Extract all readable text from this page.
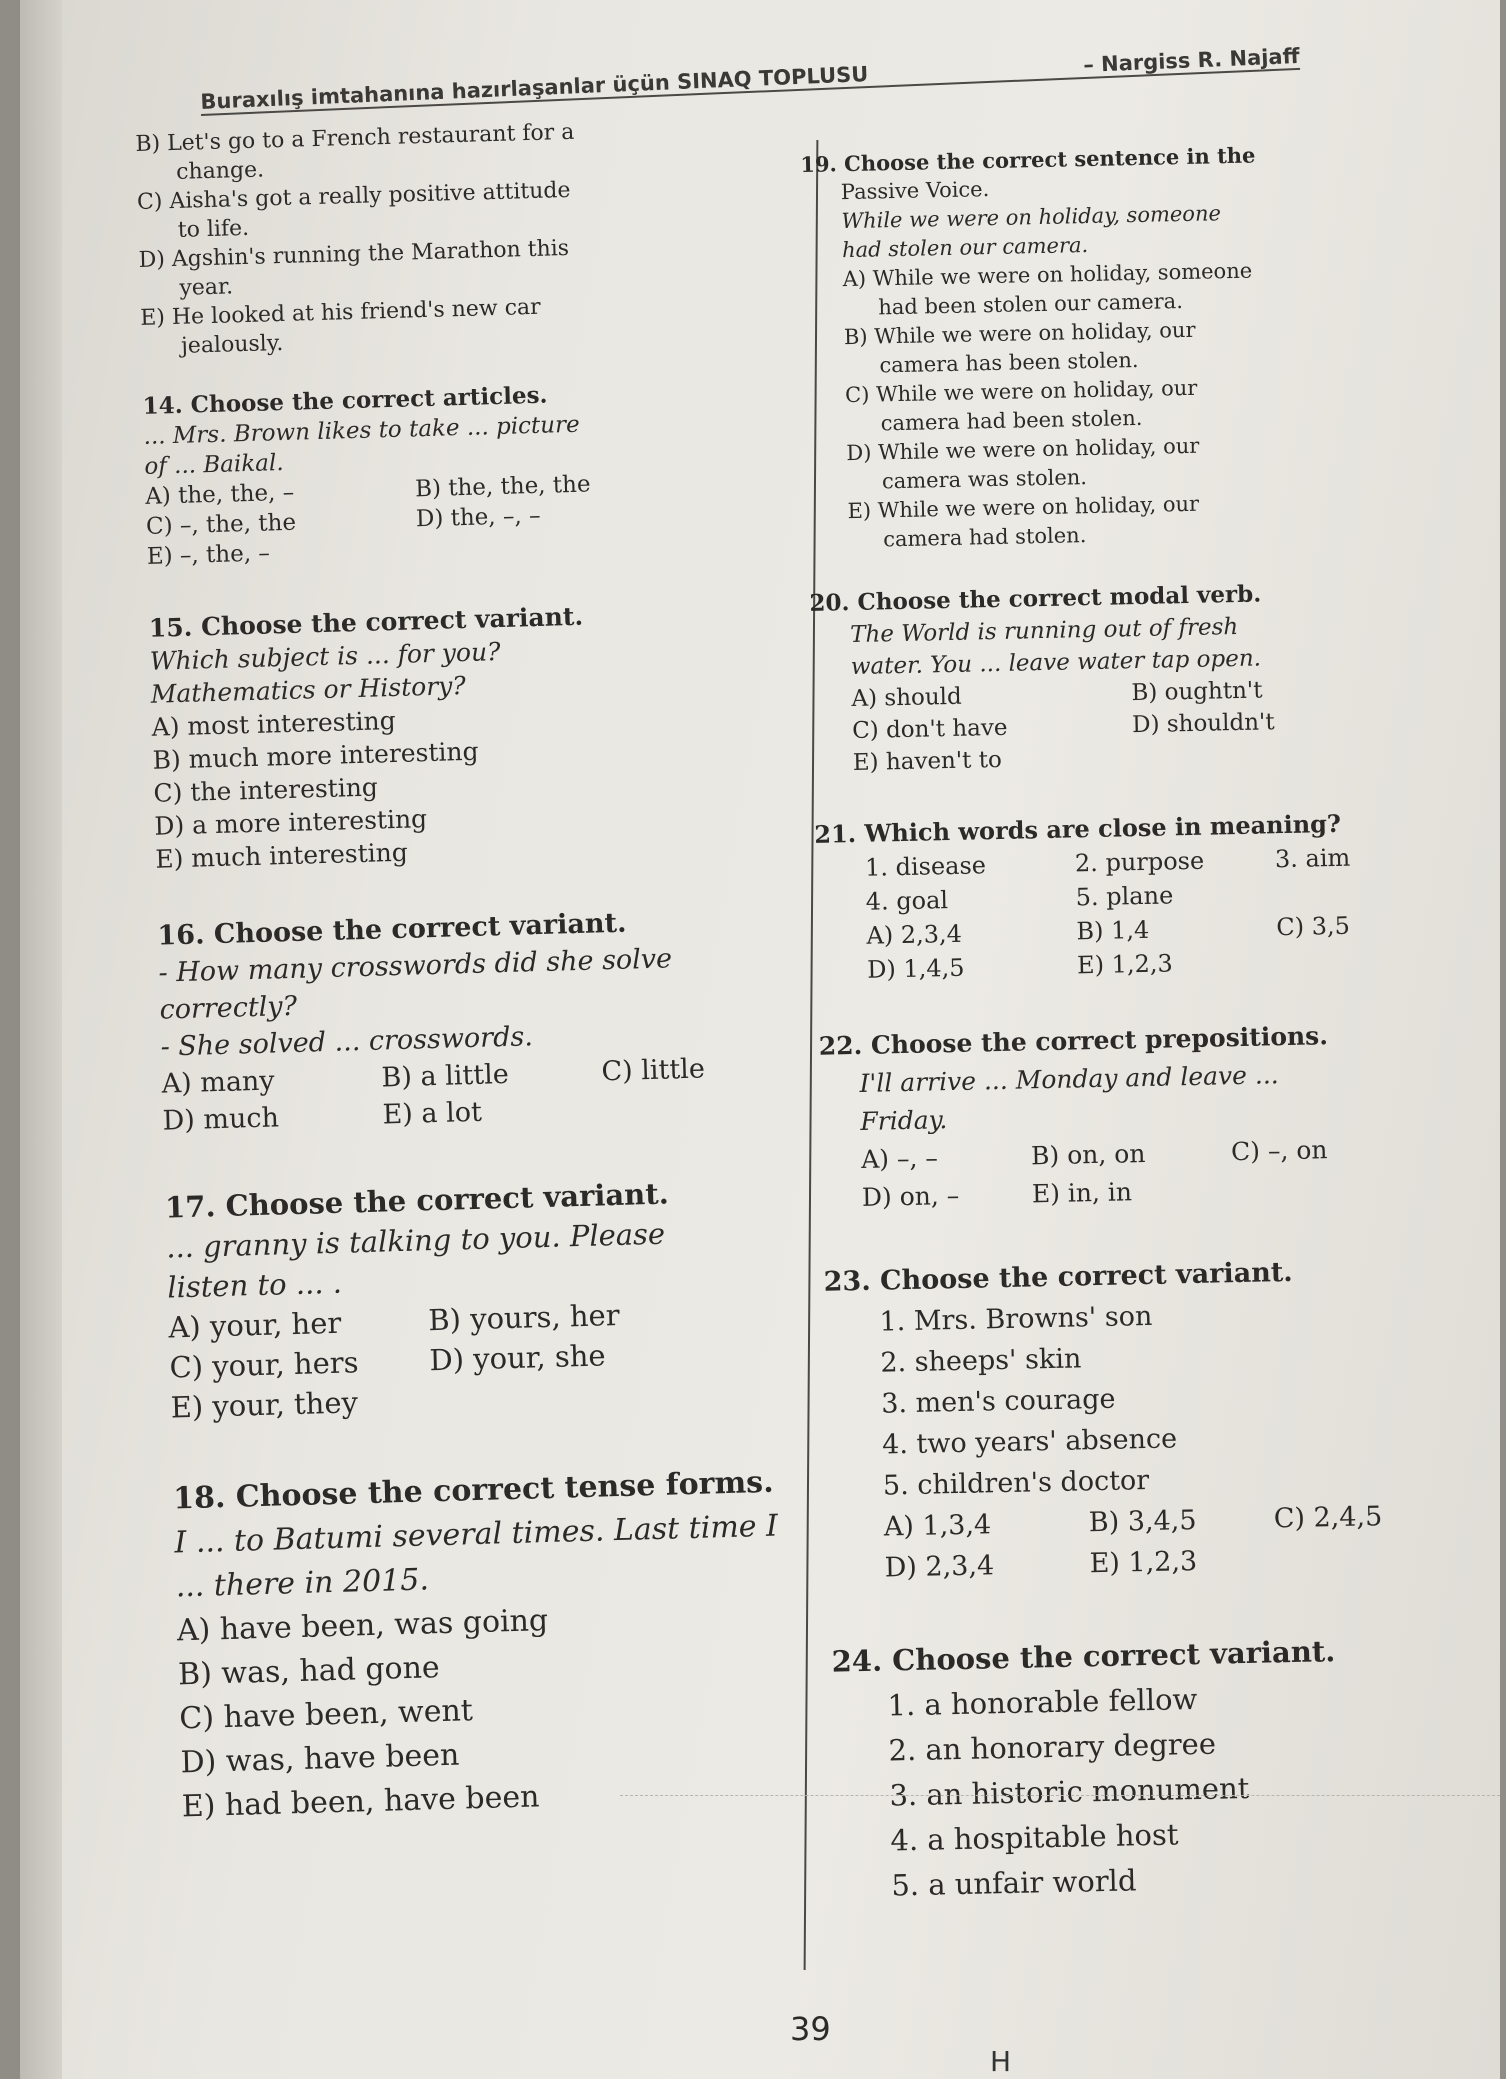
Buraxılış imtahanına hazırlaşanlar üçün SINAQ TOPLUSU
– Nargiss R. Najaff
B) Let's go to a French restaurant for a
change.
C) Aisha's got a really positive attitude
to life.
D) Agshin's running the Marathon this
year.
E) He looked at his friend's new car
jealously.
14. Choose the correct articles.
... Mrs. Brown likes to take ... picture
of ... Baikal.
A) the, the, –	B) the, the, the
C) –, the, the	D) the, –, –
E) –, the, –
15. Choose the correct variant.
Which subject is ... for you?
Mathematics or History?
A) most interesting
B) much more interesting
C) the interesting
D) a more interesting
E) much interesting
16. Choose the correct variant.
- How many crosswords did she solve
correctly?
- She solved ... crosswords.
A) many	B) a little	C) little
D) much	E) a lot
17. Choose the correct variant.
... granny is talking to you. Please
listen to ... .
A) your, her	B) yours, her
C) your, hers	D) your, she
E) your, they
18. Choose the correct tense forms.
I ... to Batumi several times. Last time I
... there in 2015.
A) have been, was going
B) was, had gone
C) have been, went
D) was, have been
E) had been, have been
19. Choose the correct sentence in the
Passive Voice.
While we were on holiday, someone
had stolen our camera.
A) While we were on holiday, someone
had been stolen our camera.
B) While we were on holiday, our
camera has been stolen.
C) While we were on holiday, our
camera had been stolen.
D) While we were on holiday, our
camera was stolen.
E) While we were on holiday, our
camera had stolen.
20. Choose the correct modal verb.
The World is running out of fresh
water. You ... leave water tap open.
A) should	B) oughtn't
C) don't have	D) shouldn't
E) haven't to
21. Which words are close in meaning?
1. disease	2. purpose	3. aim
4. goal	5. plane
A) 2,3,4	B) 1,4	C) 3,5
D) 1,4,5	E) 1,2,3
22. Choose the correct prepositions.
I'll arrive ... Monday and leave ...
Friday.
A) –, –	B) on, on	C) –, on
D) on, –	E) in, in
23. Choose the correct variant.
1. Mrs. Browns' son
2. sheeps' skin
3. men's courage
4. two years' absence
5. children's doctor
A) 1,3,4	B) 3,4,5	C) 2,4,5
D) 2,3,4	E) 1,2,3
24. Choose the correct variant.
1. a honorable fellow
2. an honorary degree
3. an historic monument
4. a hospitable host
5. a unfair world
39
H
